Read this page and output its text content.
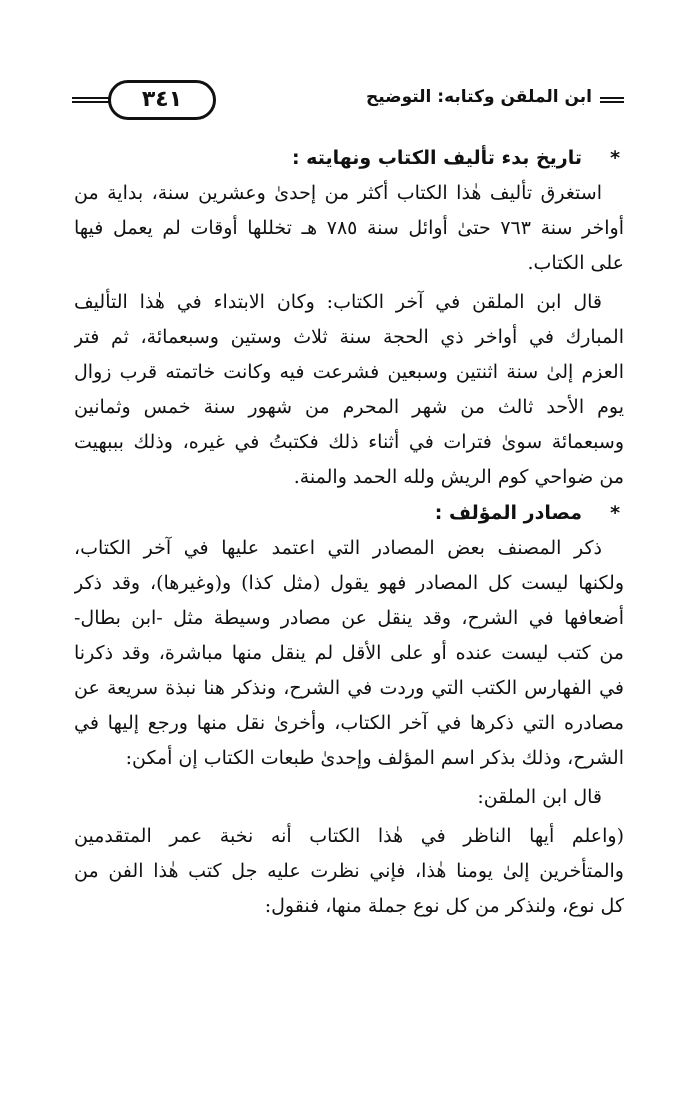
ابن الملقن وكتابه: التوضيح
٣٤١
*تاريخ بدء تأليف الكتاب ونهايته :
استغرق تأليف هٰذا الكتاب أكثر من إحدىٰ وعشرين سنة، بداية من
أواخر سنة ٧٦٣ حتىٰ أوائل سنة ٧٨٥ هـ تخللها أوقات لم يعمل فيها
على الكتاب.
قال ابن الملقن في آخر الكتاب: وكان الابتداء في هٰذا التأليف
المبارك في أواخر ذي الحجة سنة ثلاث وستين وسبعمائة، ثم فتر
العزم إلىٰ سنة اثنتين وسبعين فشرعت فيه وكانت خاتمته قرب زوال
يوم الأحد ثالث من شهر المحرم من شهور سنة خمس وثمانين
وسبعمائة سوىٰ فترات في أثناء ذلك فكتبتُ في غيره، وذلك بببهيت
من ضواحي كوم الريش ولله الحمد والمنة.
*مصادر المؤلف :
ذكر المصنف بعض المصادر التي اعتمد عليها في آخر الكتاب،
ولكنها ليست كل المصادر فهو يقول (مثل كذا) و(وغيرها)، وقد ذكر
أضعافها في الشرح، وقد ينقل عن مصادر وسيطة مثل -ابن بطال-
من كتب ليست عنده أو على الأقل لم ينقل منها مباشرة، وقد ذكرنا
في الفهارس الكتب التي وردت في الشرح، ونذكر هنا نبذة سريعة عن
مصادره التي ذكرها في آخر الكتاب، وأخرىٰ نقل منها ورجع إليها في
الشرح، وذلك بذكر اسم المؤلف وإحدىٰ طبعات الكتاب إن أمكن:
قال ابن الملقن:
(واعلم أيها الناظر في هٰذا الكتاب أنه نخبة عمر المتقدمين
والمتأخرين إلىٰ يومنا هٰذا، فإني نظرت عليه جل كتب هٰذا الفن من
كل نوع، ولنذكر من كل نوع جملة منها، فنقول:
